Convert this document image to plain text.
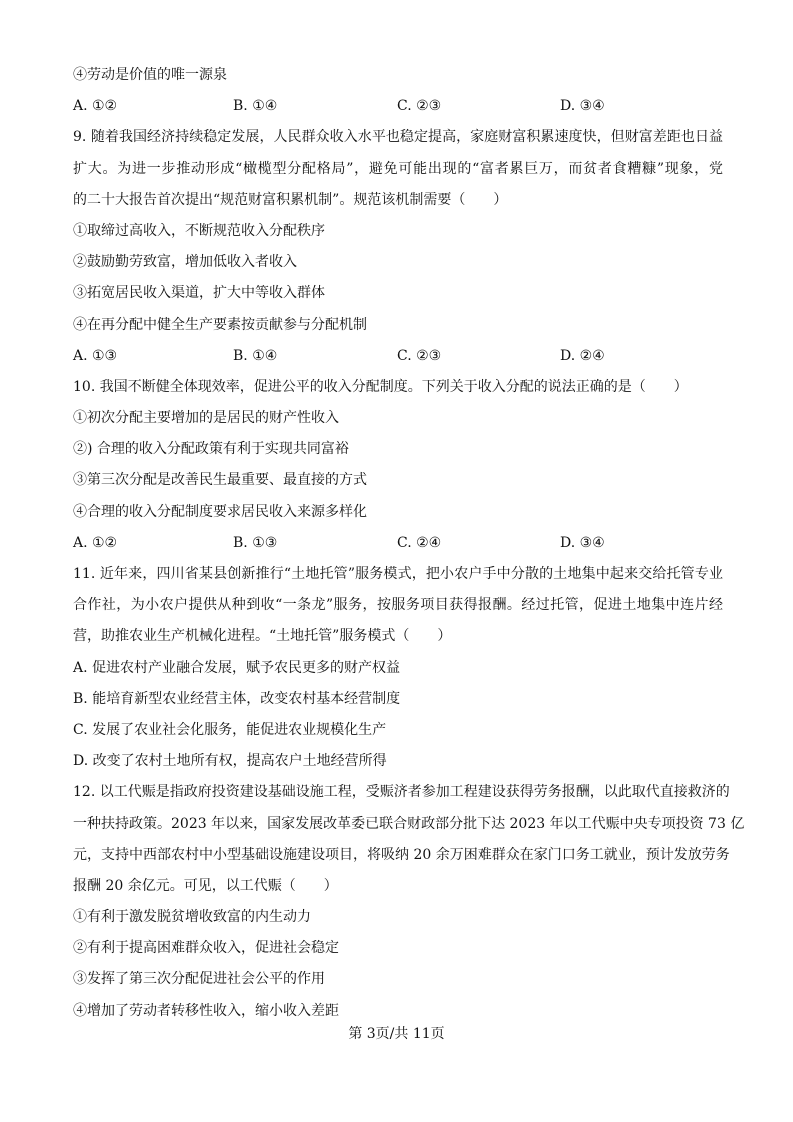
④劳动是价值的唯一源泉
A. ①②	B. ①④	C. ②③	D. ③④
9. 随着我国经济持续稳定发展，人民群众收入水平也稳定提高，家庭财富积累速度快，但财富差距也日益
扩大。为进一步推动形成“橄榄型分配格局”，避免可能出现的“富者累巨万，而贫者食糟糠”现象，党
的二十大报告首次提出“规范财富积累机制”。规范该机制需要（　　）
①取缔过高收入，不断规范收入分配秩序
②鼓励勤劳致富，增加低收入者收入
③拓宽居民收入渠道，扩大中等收入群体
④在再分配中健全生产要素按贡献参与分配机制
A. ①③	B. ①④	C. ②③	D. ②④
10. 我国不断健全体现效率，促进公平的收入分配制度。下列关于收入分配的说法正确的是（　　）
①初次分配主要增加的是居民的财产性收入
②) 合理的收入分配政策有利于实现共同富裕
③第三次分配是改善民生最重要、最直接的方式
④合理的收入分配制度要求居民收入来源多样化
A. ①②	B. ①③	C. ②④	D. ③④
11. 近年来，四川省某县创新推行“土地托管”服务模式，把小农户手中分散的土地集中起来交给托管专业
合作社，为小农户提供从种到收“一条龙”服务，按服务项目获得报酬。经过托管，促进土地集中连片经
营，助推农业生产机械化进程。“土地托管”服务模式（　　）
A. 促进农村产业融合发展，赋予农民更多的财产权益
B. 能培育新型农业经营主体，改变农村基本经营制度
C. 发展了农业社会化服务，能促进农业规模化生产
D. 改变了农村土地所有权，提高农户土地经营所得
12. 以工代赈是指政府投资建设基础设施工程，受赈济者参加工程建设获得劳务报酬，以此取代直接救济的
一种扶持政策。2023 年以来，国家发展改革委已联合财政部分批下达 2023 年以工代赈中央专项投资 73 亿
元，支持中西部农村中小型基础设施建设项目，将吸纳 20 余万困难群众在家门口务工就业，预计发放劳务
报酬 20 余亿元。可见，以工代赈（　　）
①有利于激发脱贫增收致富的内生动力
②有利于提高困难群众收入，促进社会稳定
③发挥了第三次分配促进社会公平的作用
④增加了劳动者转移性收入，缩小收入差距
第 3页/共 11页
